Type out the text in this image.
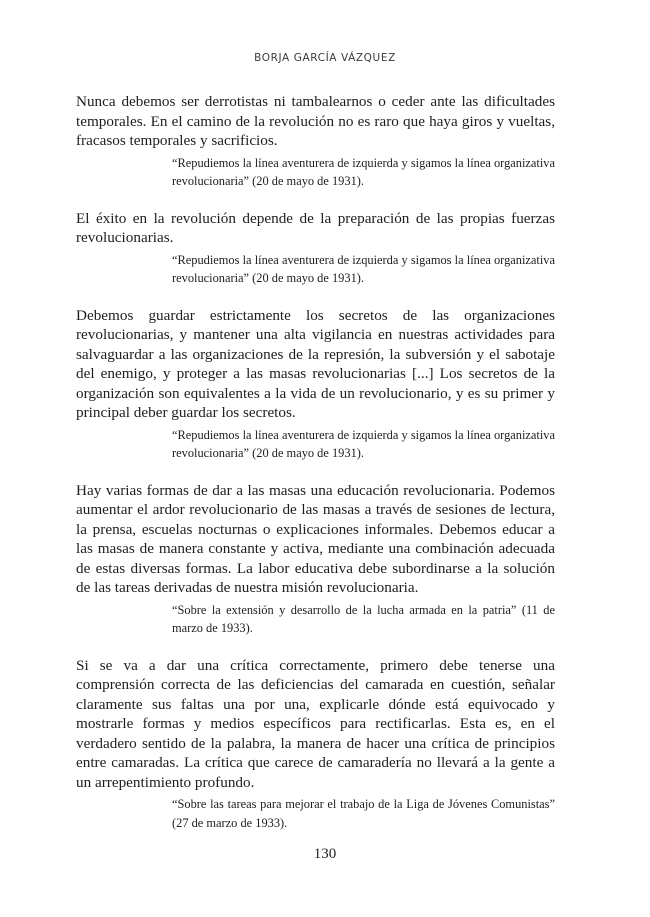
BORJA GARCÍA VÁZQUEZ

Nunca debemos ser derrotistas ni tambalearnos o ceder ante las dificultades temporales. En el camino de la revolución no es raro que haya giros y vueltas, fracasos temporales y sacrificios.

“Repudiemos la línea aventurera de izquierda y sigamos la línea organizativa revolucionaria” (20 de mayo de 1931).

El éxito en la revolución depende de la preparación de las propias fuerzas revolucionarias.

“Repudiemos la línea aventurera de izquierda y sigamos la línea organizativa revolucionaria” (20 de mayo de 1931).

Debemos guardar estrictamente los secretos de las organizaciones revolucionarias, y mantener una alta vigilancia en nuestras actividades para salvaguardar a las organizaciones de la represión, la subversión y el sabotaje del enemigo, y proteger a las masas revolucionarias [...] Los secretos de la organización son equivalentes a la vida de un revolucionario, y es su primer y principal deber guardar los secretos.

“Repudiemos la línea aventurera de izquierda y sigamos la línea organizativa revolucionaria” (20 de mayo de 1931).

Hay varias formas de dar a las masas una educación revolucionaria. Podemos aumentar el ardor revolucionario de las masas a través de sesiones de lectura, la prensa, escuelas nocturnas o explicaciones informales. Debemos educar a las masas de manera constante y activa, mediante una combinación adecuada de estas diversas formas. La labor educativa debe subordinarse a la solución de las tareas derivadas de nuestra misión revolucionaria.

“Sobre la extensión y desarrollo de la lucha armada en la patria” (11 de marzo de 1933).

Si se va a dar una crítica correctamente, primero debe tenerse una comprensión correcta de las deficiencias del camarada en cuestión, señalar claramente sus faltas una por una, explicarle dónde está equivocado y mostrarle formas y medios específicos para rectificarlas. Esta es, en el verdadero sentido de la palabra, la manera de hacer una crítica de principios entre camaradas. La crítica que carece de camaradería no llevará a la gente a un arrepentimiento profundo.

“Sobre las tareas para mejorar el trabajo de la Liga de Jóvenes Comunistas” (27 de marzo de 1933).

130
